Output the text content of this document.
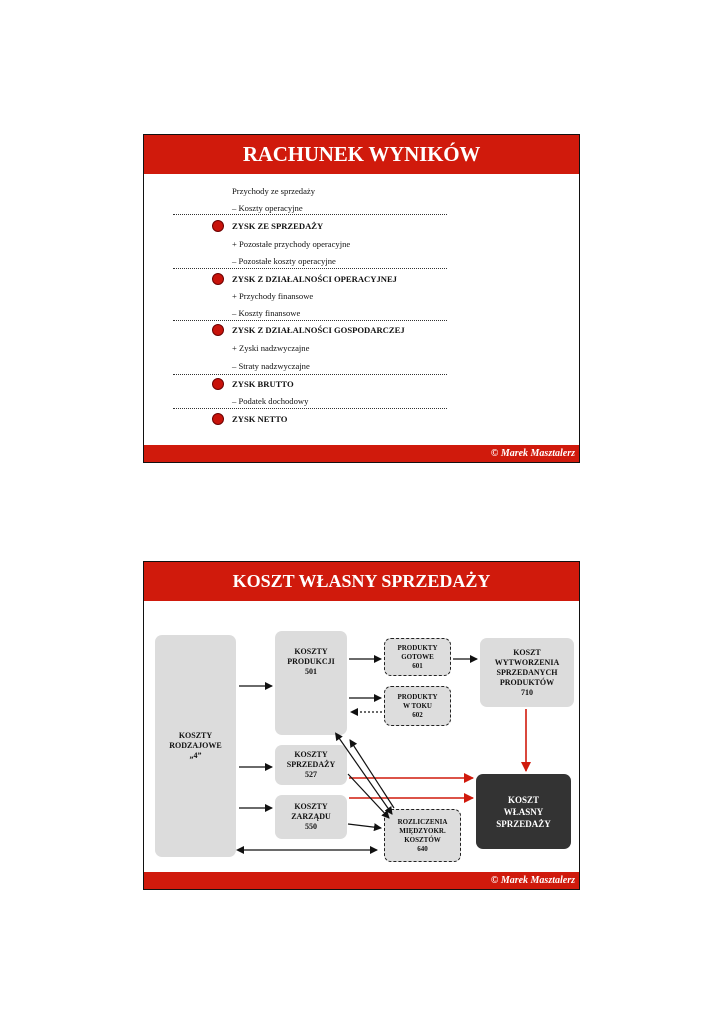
RACHUNEK WYNIKÓW
Przychody ze sprzedaży
– Koszty operacyjne
ZYSK ZE SPRZEDAŻY
+ Pozostałe przychody operacyjne
– Pozostałe koszty operacyjne
ZYSK Z DZIAŁALNOŚCI OPERACYJNEJ
+ Przychody finansowe
– Koszty finansowe
ZYSK Z DZIAŁALNOŚCI GOSPODARCZEJ
+ Zyski nadzwyczajne
– Straty nadzwyczajne
ZYSK BRUTTO
– Podatek dochodowy
ZYSK NETTO
© Marek Masztalerz
KOSZT WŁASNY SPRZEDAŻY
KOSZTY
RODZAJOWE
„4”
KOSZTY
PRODUKCJI
501
KOSZTY
SPRZEDAŻY
527
KOSZTY
ZARZĄDU
550
PRODUKTY
GOTOWE
601
PRODUKTY
W TOKU
602
ROZLICZENIA
MIĘDZYOKR.
KOSZTÓW
640
KOSZT
WYTWORZENIA
SPRZEDANYCH
PRODUKTÓW
710
KOSZT
WŁASNY
SPRZEDAŻY
© Marek Masztalerz
